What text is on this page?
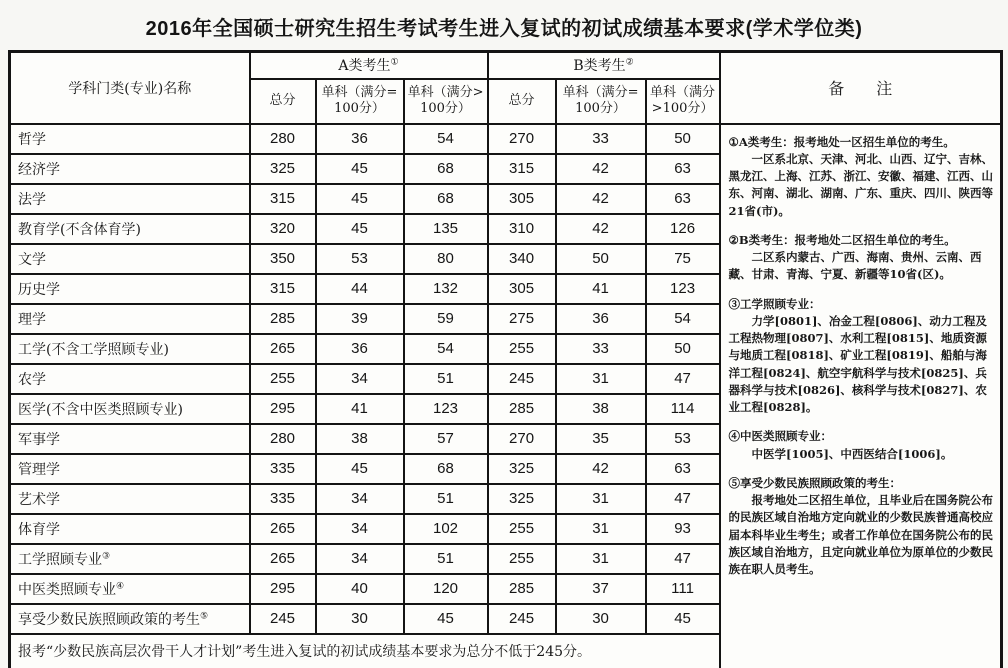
2016年全国硕士研究生招生考试考生进入复试的初试成绩基本要求(学术学位类)
学科门类(专业)名称	A类考生①			B类考生②			备　　注
	总分	单科（满分=100分）	单科（满分>100分）	总分	单科（满分=100分）	单科（满分>100分）	
哲学	280	36	54	270	33	50	①A类考生：报考地处一区招生单位的考生。
一区系北京、天津、河北、山西、辽宁、吉林、黑龙江、上海、江苏、浙江、安徽、福建、江西、山东、河南、湖北、湖南、广东、重庆、四川、陕西等21省(市)。
②B类考生：报考地处二区招生单位的考生。
二区系内蒙古、广西、海南、贵州、云南、西藏、甘肃、青海、宁夏、新疆等10省(区)。
③工学照顾专业：
力学[0801]、冶金工程[0806]、动力工程及工程热物理[0807]、水利工程[0815]、地质资源与地质工程[0818]、矿业工程[0819]、船舶与海洋工程[0824]、航空宇航科学与技术[0825]、兵器科学与技术[0826]、核科学与技术[0827]、农业工程[0828]。
④中医类照顾专业：
中医学[1005]、中西医结合[1006]。
⑤享受少数民族照顾政策的考生：
报考地处二区招生单位，且毕业后在国务院公布的民族区域自治地方定向就业的少数民族普通高校应届本科毕业生考生；或者工作单位在国务院公布的民族区域自治地方，且定向就业单位为原单位的少数民族在职人员考生。

经济学	325	45	68	315	42	63	
法学	315	45	68	305	42	63	
教育学(不含体育学)	320	45	135	310	42	126	
文学	350	53	80	340	50	75	
历史学	315	44	132	305	41	123	
理学	285	39	59	275	36	54	
工学(不含工学照顾专业)	265	36	54	255	33	50	
农学	255	34	51	245	31	47	
医学(不含中医类照顾专业)	295	41	123	285	38	114	
军事学	280	38	57	270	35	53	
管理学	335	45	68	325	42	63	
艺术学	335	34	51	325	31	47	
体育学	265	34	102	255	31	93	
工学照顾专业③	265	34	51	255	31	47	
中医类照顾专业④	295	40	120	285	37	111	
享受少数民族照顾政策的考生⑤	245	30	45	245	30	45	
报考“少数民族高层次骨干人才计划”考生进入复试的初试成绩基本要求为总分不低于245分。							
